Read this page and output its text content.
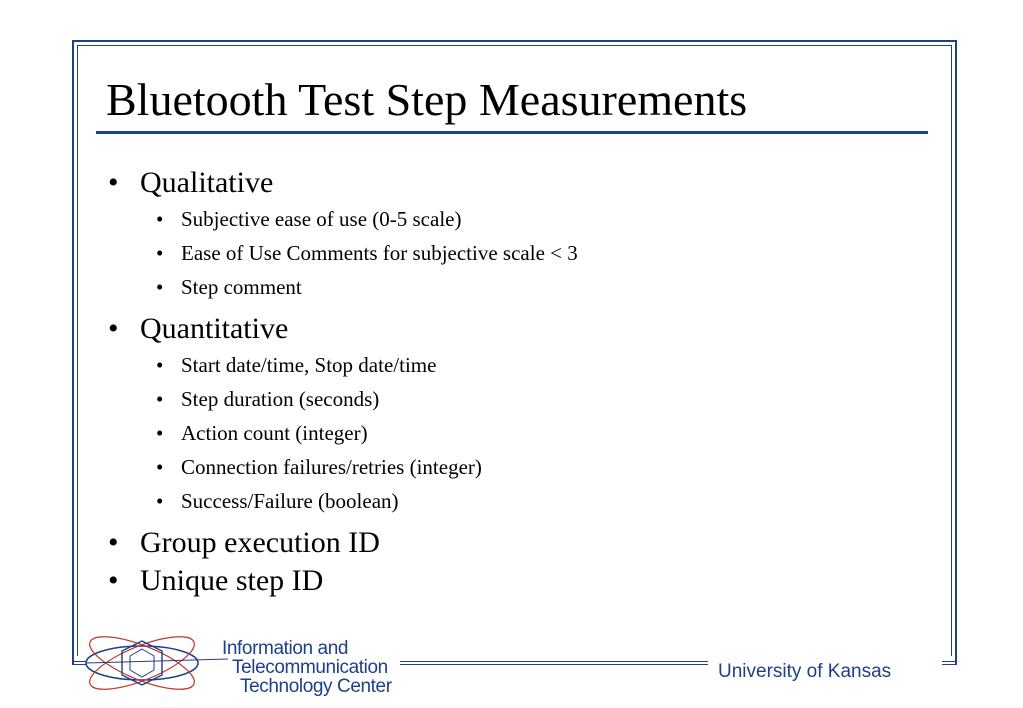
Bluetooth Test Step Measurements
• Qualitative
• Subjective ease of use (0-5 scale)
• Ease of Use Comments for subjective scale < 3
• Step comment
• Quantitative
• Start date/time, Stop date/time
• Step duration (seconds)
• Action count (integer)
• Connection failures/retries (integer)
• Success/Failure (boolean)
• Group execution ID
• Unique step ID
Information and
Telecommunication
Technology Center
University of Kansas
